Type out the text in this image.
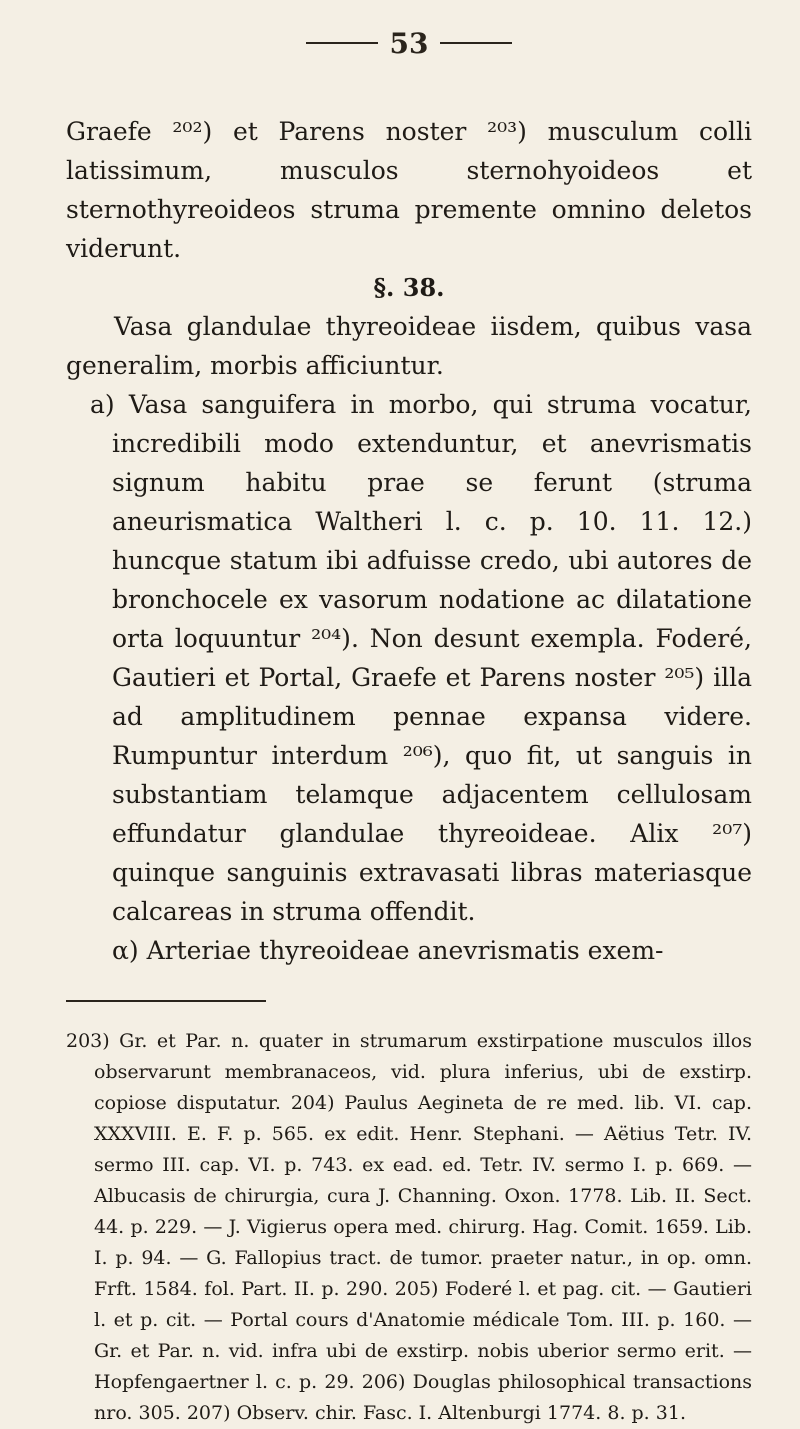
53

Graefe ²⁰²) et Parens noster ²⁰³) musculum colli latissimum, musculos sternohyoideos et sternothyreoideos struma premente omnino deletos viderunt.

§. 38.

Vasa glandulae thyreoideae iisdem, quibus vasa generalim, morbis afficiuntur.

a) Vasa sanguifera in morbo, qui struma vocatur, incredibili modo extenduntur, et anevrismatis signum habitu prae se ferunt (struma aneurismatica Waltheri l. c. p. 10. 11. 12.) huncque statum ibi adfuisse credo, ubi autores de bronchocele ex vasorum nodatione ac dilatatione orta loquuntur ²⁰⁴). Non desunt exempla. Foderé, Gautieri et Portal, Graefe et Parens noster ²⁰⁵) illa ad amplitudinem pennae expansa videre. Rumpuntur interdum ²⁰⁶), quo fit, ut sanguis in substantiam telamque adjacentem cellulosam effundatur glandulae thyreoideae. Alix ²⁰⁷) quinque sanguinis extravasati libras materiasque calcareas in struma offendit.

α) Arteriae thyreoideae anevrismatis exem-

203) Gr. et Par. n. quater in strumarum exstirpatione musculos illos observarunt membranaceos, vid. plura inferius, ubi de exstirp. copiose disputatur. 204) Paulus Aegineta de re med. lib. VI. cap. XXXVIII. E. F. p. 565. ex edit. Henr. Stephani. — Aëtius Tetr. IV. sermo III. cap. VI. p. 743. ex ead. ed. Tetr. IV. sermo I. p. 669. — Albucasis de chirurgia, cura J. Channing. Oxon. 1778. Lib. II. Sect. 44. p. 229. — J. Vigierus opera med. chirurg. Hag. Comit. 1659. Lib. I. p. 94. — G. Fallopius tract. de tumor. praeter natur., in op. omn. Frft. 1584. fol. Part. II. p. 290. 205) Foderé l. et pag. cit. — Gautieri l. et p. cit. — Portal cours d'Anatomie médicale Tom. III. p. 160. — Gr. et Par. n. vid. infra ubi de exstirp. nobis uberior sermo erit. — Hopfengaertner l. c. p. 29. 206) Douglas philosophical transactions nro. 305. 207) Observ. chir. Fasc. I. Altenburgi 1774. 8. p. 31.
